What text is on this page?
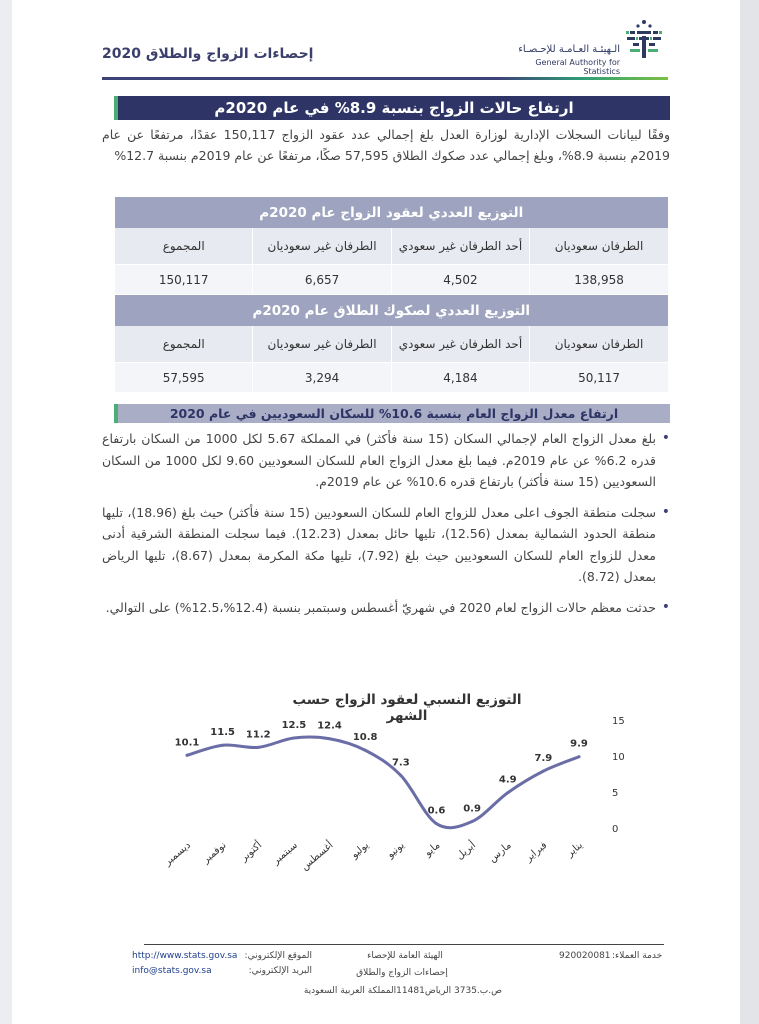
إحصاءات الزواج والطلاق 2020	الـهيئـة العـامـة للإحـصـاء
General Authority for Statistics
ارتفاع حالات الزواج بنسبة 8.9% في عام 2020م

وفقًا لبيانات السجلات الإدارية لوزارة العدل بلغ إجمالي عدد عقود الزواج 150,117 عقدًا، مرتفعًا عن عام 2019م بنسبة 8.9%، وبلغ إجمالي عدد صكوك الطلاق 57,595 صكًا، مرتفعًا عن عام 2019م بنسبة 12.7%

التوزيع العددي لعقود الزواج عام 2020م			
الطرفان سعوديان	أحد الطرفان غير سعودي	الطرفان غير سعوديان	المجموع
138,958	4,502	6,657	150,117
التوزيع العددي لصكوك الطلاق عام 2020م			
الطرفان سعوديان	أحد الطرفان غير سعودي	الطرفان غير سعوديان	المجموع
50,117	4,184	3,294	57,595
ارتفاع معدل الزواج العام بنسبة 10.6% للسكان السعوديين في عام 2020
• بلغ معدل الزواج العام لإجمالي السكان (15 سنة فأكثر) في المملكة 5.67 لكل 1000 من السكان بارتفاع قدره 6.2% عن عام 2019م. فيما بلغ معدل الزواج العام للسكان السعوديين 9.60 لكل 1000 من السكان السعوديين (15 سنة فأكثر) بارتفاع قدره 10.6% عن عام 2019م.
• سجلت منطقة الجوف اعلى معدل للزواج العام للسكان السعوديين (15 سنة فأكثر) حيث بلغ (18.96)، تليها منطقة الحدود الشمالية بمعدل (12.56)، تليها حائل بمعدل (12.23). فيما سجلت المنطقة الشرقية أدنى معدل للزواج العام للسكان السعوديين حيث بلغ (7.92)، تليها مكة المكرمة بمعدل (8.67)، تليها الرياض بمعدل (8.72).
• حدثت معظم حالات الزواج لعام 2020 في شهريّ أغسطس وسبتمبر بنسبة (12.4%،12.5%) على التوالي.
التوزيع النسبي لعقود الزواج حسب الشهر
0
5
10
15
9.9
يناير
7.9
فبراير
4.9
مارس
0.9
أبريل
0.6
مايو
7.3
يونيو
10.8
يوليو
12.4
أغسطس
12.5
سبتمبر
11.2
أكتوبر
11.5
نوفمبر
10.1
ديسمبر
الموقع الإلكتروني:
http://www.stats.gov.sa
البريد الإلكتروني:
info@stats.gov.sa
الهيئة العامة للإحصاء
إحصاءات الزواج والطلاق
ص.ب.3735 الرياض11481المملكة العربية السعودية
خدمة العملاء:
920020081
